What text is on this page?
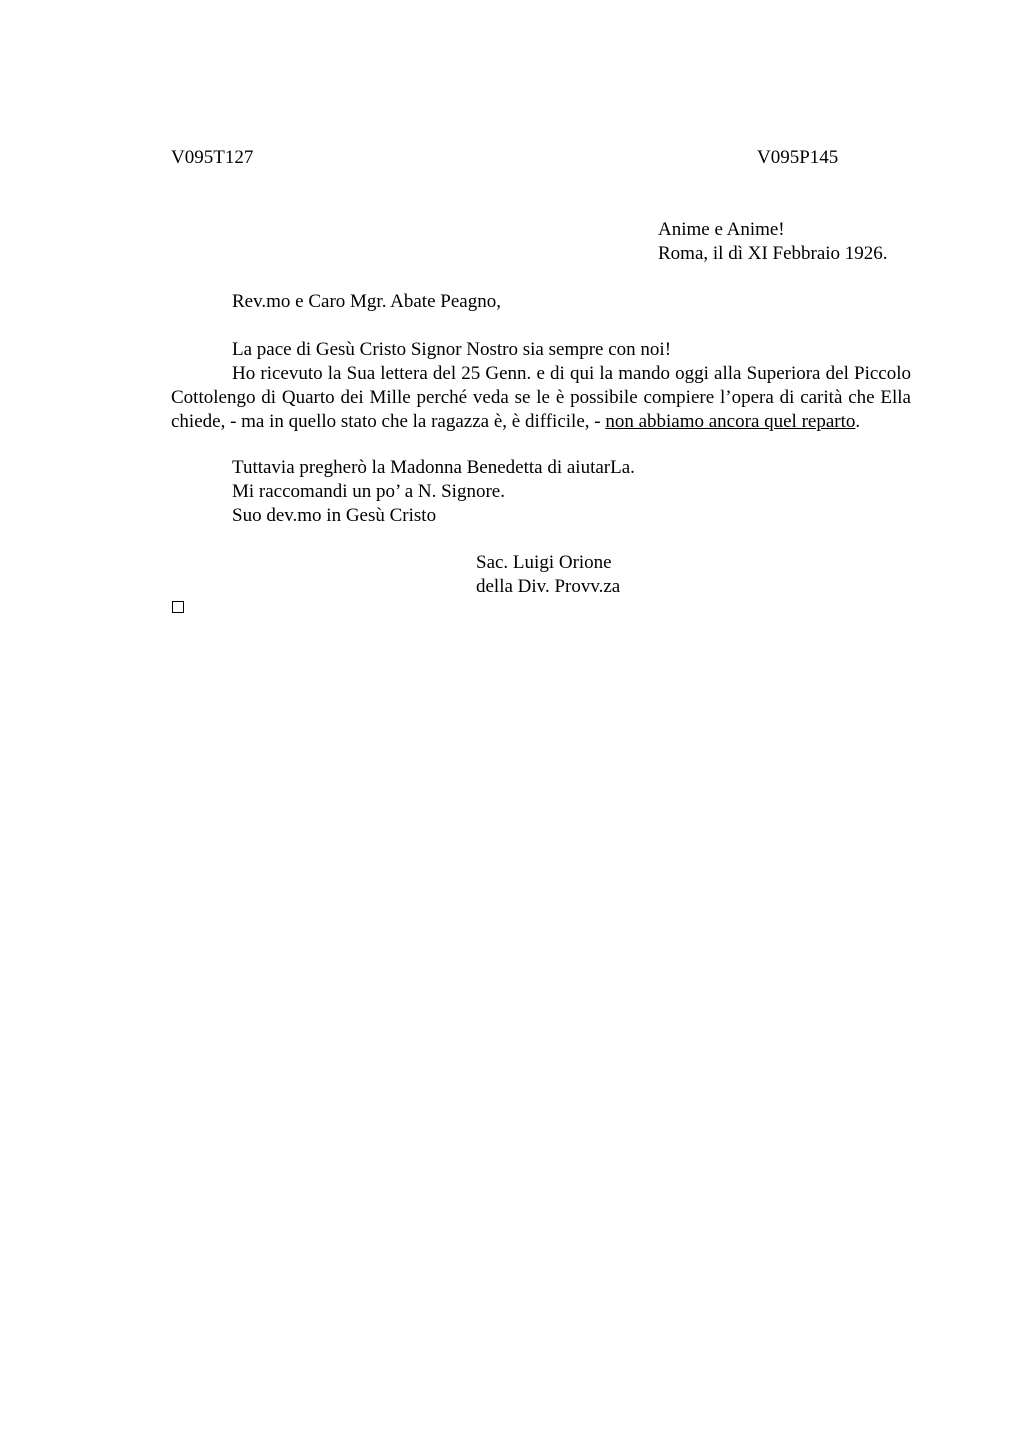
V095T127	V095P145
Anime e Anime!
Roma, il dì XI Febbraio 1926.
Rev.mo e Caro Mgr. Abate Peagno,
La pace di Gesù Cristo Signor Nostro sia sempre con noi!
Ho ricevuto la Sua lettera del 25 Genn. e di qui la mando oggi alla Superiora del Piccolo Cottolengo di Quarto dei Mille perché veda se le è possibile compiere l’opera di carità che Ella chiede, - ma in quello stato che la ragazza è, è difficile, - non abbiamo ancora quel reparto.
Tuttavia pregherò la Madonna Benedetta di aiutarLa.
Mi raccomandi un po’ a N. Signore.
Suo dev.mo in Gesù Cristo
Sac. Luigi Orione
della Div. Provv.za
